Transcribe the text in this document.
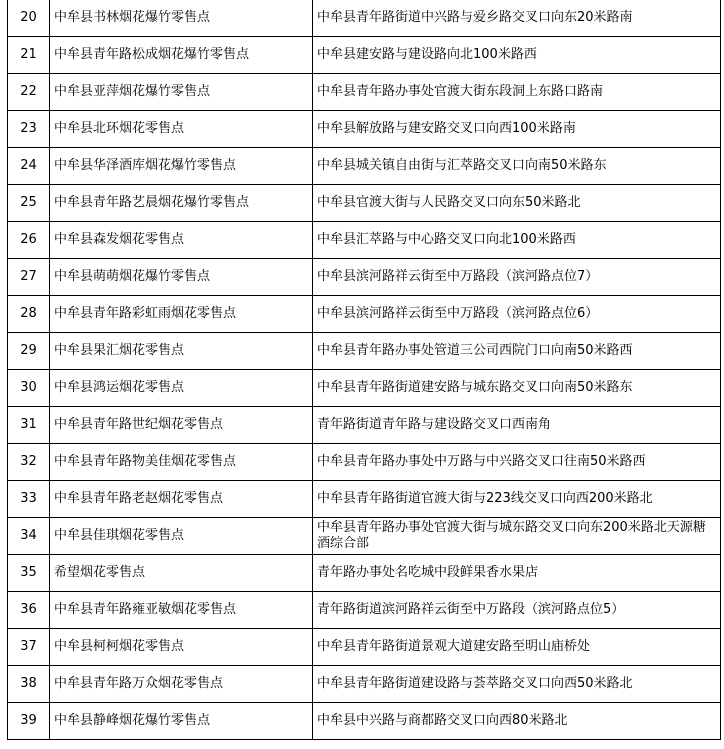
20	中牟县书林烟花爆竹零售点	中牟县青年路街道中兴路与爱乡路交叉口向东20米路南
21	中牟县青年路松成烟花爆竹零售点	中牟县建安路与建设路向北100米路西
22	中牟县亚萍烟花爆竹零售点	中牟县青年路办事处官渡大街东段洞上东路口路南
23	中牟县北环烟花零售点	中牟县解放路与建安路交叉口向西100米路南
24	中牟县华泽酒库烟花爆竹零售点	中牟县城关镇自由街与汇萃路交叉口向南50米路东
25	中牟县青年路艺晨烟花爆竹零售点	中牟县官渡大街与人民路交叉口向东50米路北
26	中牟县森发烟花零售点	中牟县汇萃路与中心路交叉口向北100米路西
27	中牟县萌萌烟花爆竹零售点	中牟县滨河路祥云街至中万路段（滨河路点位7）
28	中牟县青年路彩虹雨烟花零售点	中牟县滨河路祥云街至中万路段（滨河路点位6）
29	中牟县果汇烟花零售点	中牟县青年路办事处管道三公司西院门口向南50米路西
30	中牟县鸿运烟花零售点	中牟县青年路街道建安路与城东路交叉口向南50米路东
31	中牟县青年路世纪烟花零售点	青年路街道青年路与建设路交叉口西南角
32	中牟县青年路物美佳烟花零售点	中牟县青年路办事处中万路与中兴路交叉口往南50米路西
33	中牟县青年路老赵烟花零售点	中牟县青年路街道官渡大街与223线交叉口向西200米路北
34	中牟县佳琪烟花零售点	中牟县青年路办事处官渡大街与城东路交叉口向东200米路北天源糖酒综合部
35	希望烟花零售点	青年路办事处名吃城中段鲜果香水果店
36	中牟县青年路雍亚敏烟花零售点	青年路街道滨河路祥云街至中万路段（滨河路点位5）
37	中牟县柯柯烟花零售点	中牟县青年路街道景观大道建安路至明山庙桥处
38	中牟县青年路万众烟花零售点	中牟县青年路街道建设路与荟萃路交叉口向西50米路北
39	中牟县静峰烟花爆竹零售点	中牟县中兴路与商都路交叉口向西80米路北
